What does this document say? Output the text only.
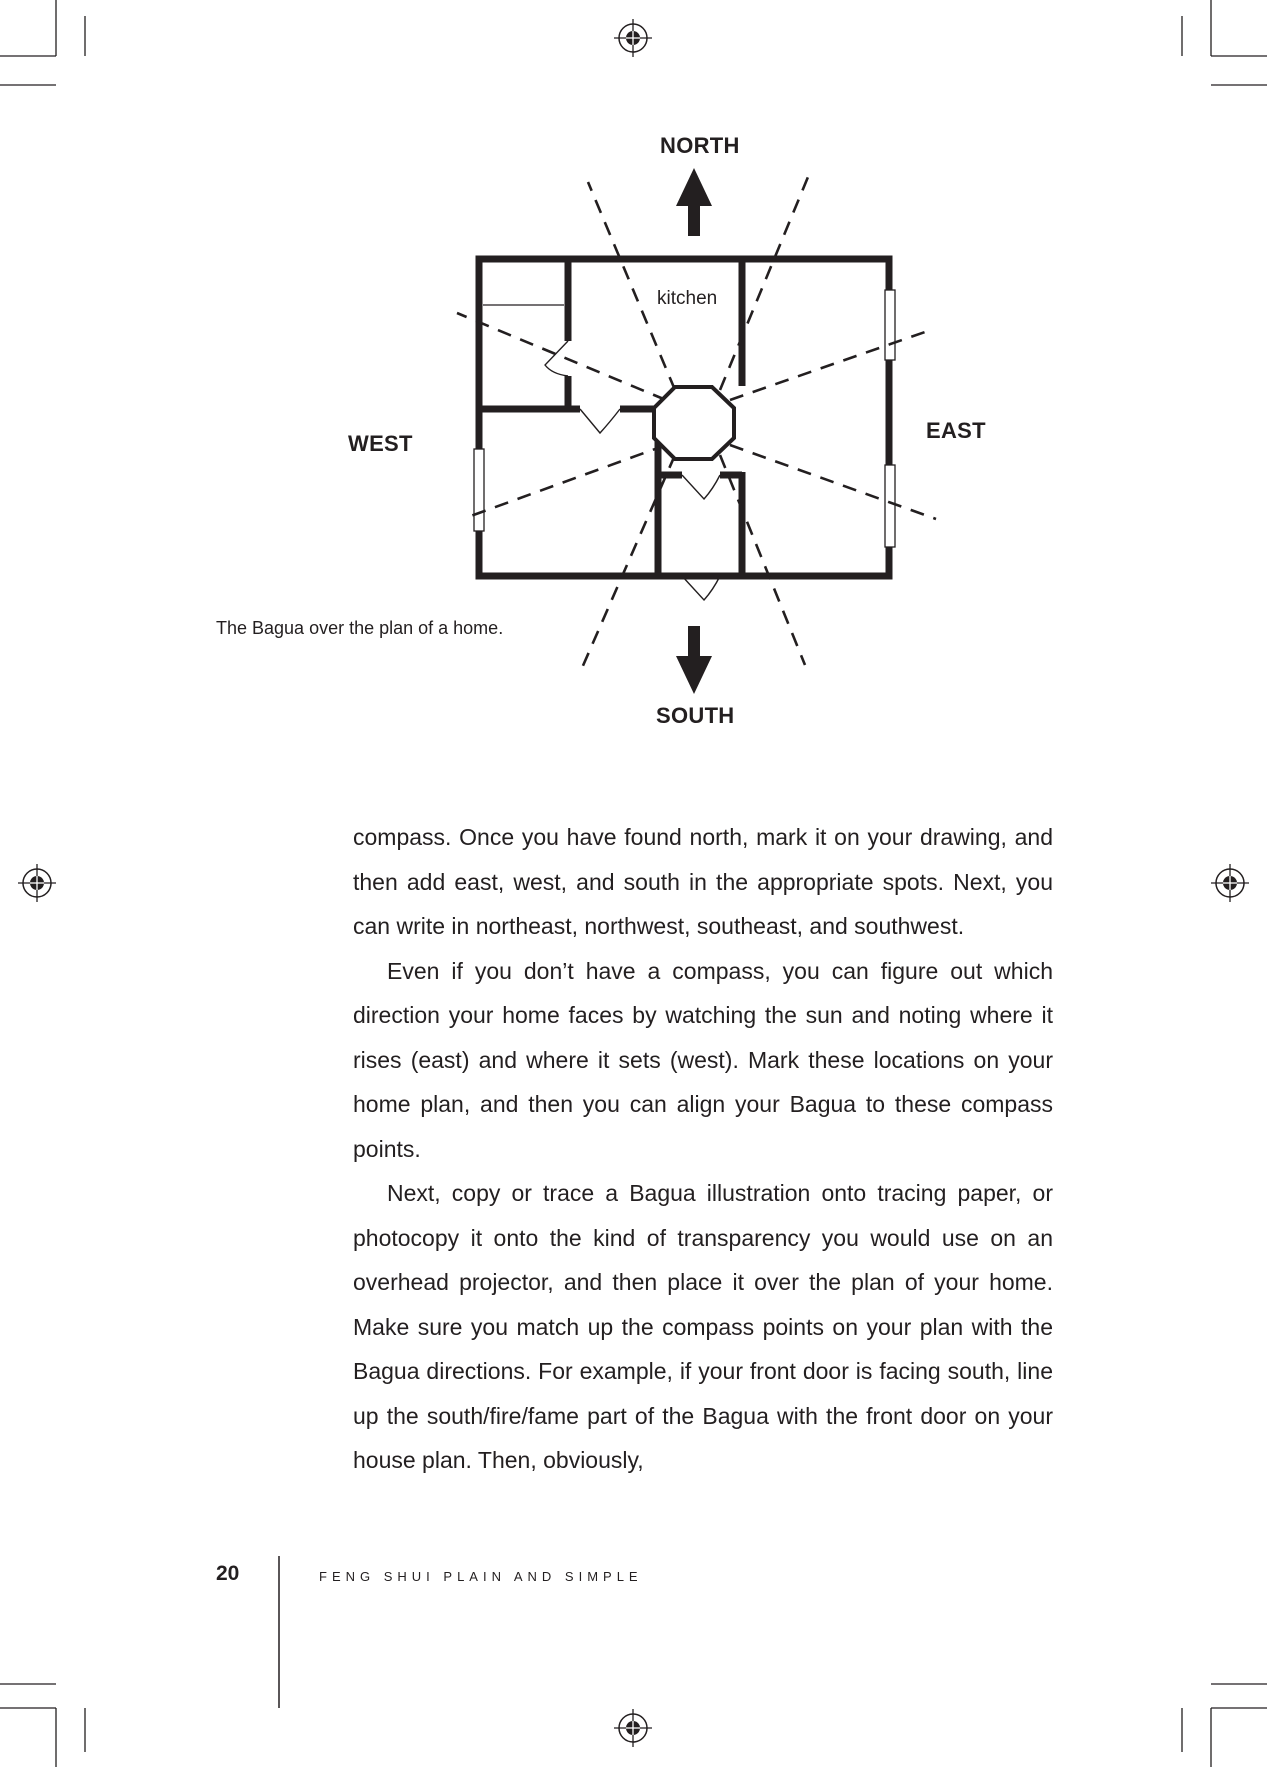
NORTH
SOUTH
EAST
WEST
kitchen
The Bagua over the plan of a home.

compass. Once you have found north, mark it on your drawing, and then add east, west, and south in the appropriate spots. Next, you can write in northeast, northwest, southeast, and southwest.

Even if you don’t have a compass, you can figure out which direction your home faces by watching the sun and noting where it rises (east) and where it sets (west). Mark these locations on your home plan, and then you can align your Bagua to these compass points.

Next, copy or trace a Bagua illustration onto tracing paper, or photocopy it onto the kind of transparency you would use on an overhead projector, and then place it over the plan of your home. Make sure you match up the compass points on your plan with the Bagua directions. For example, if your front door is facing south, line up the south/fire/fame part of the Bagua with the front door on your house plan. Then, obviously,

20	FENG SHUI PLAIN AND SIMPLE
